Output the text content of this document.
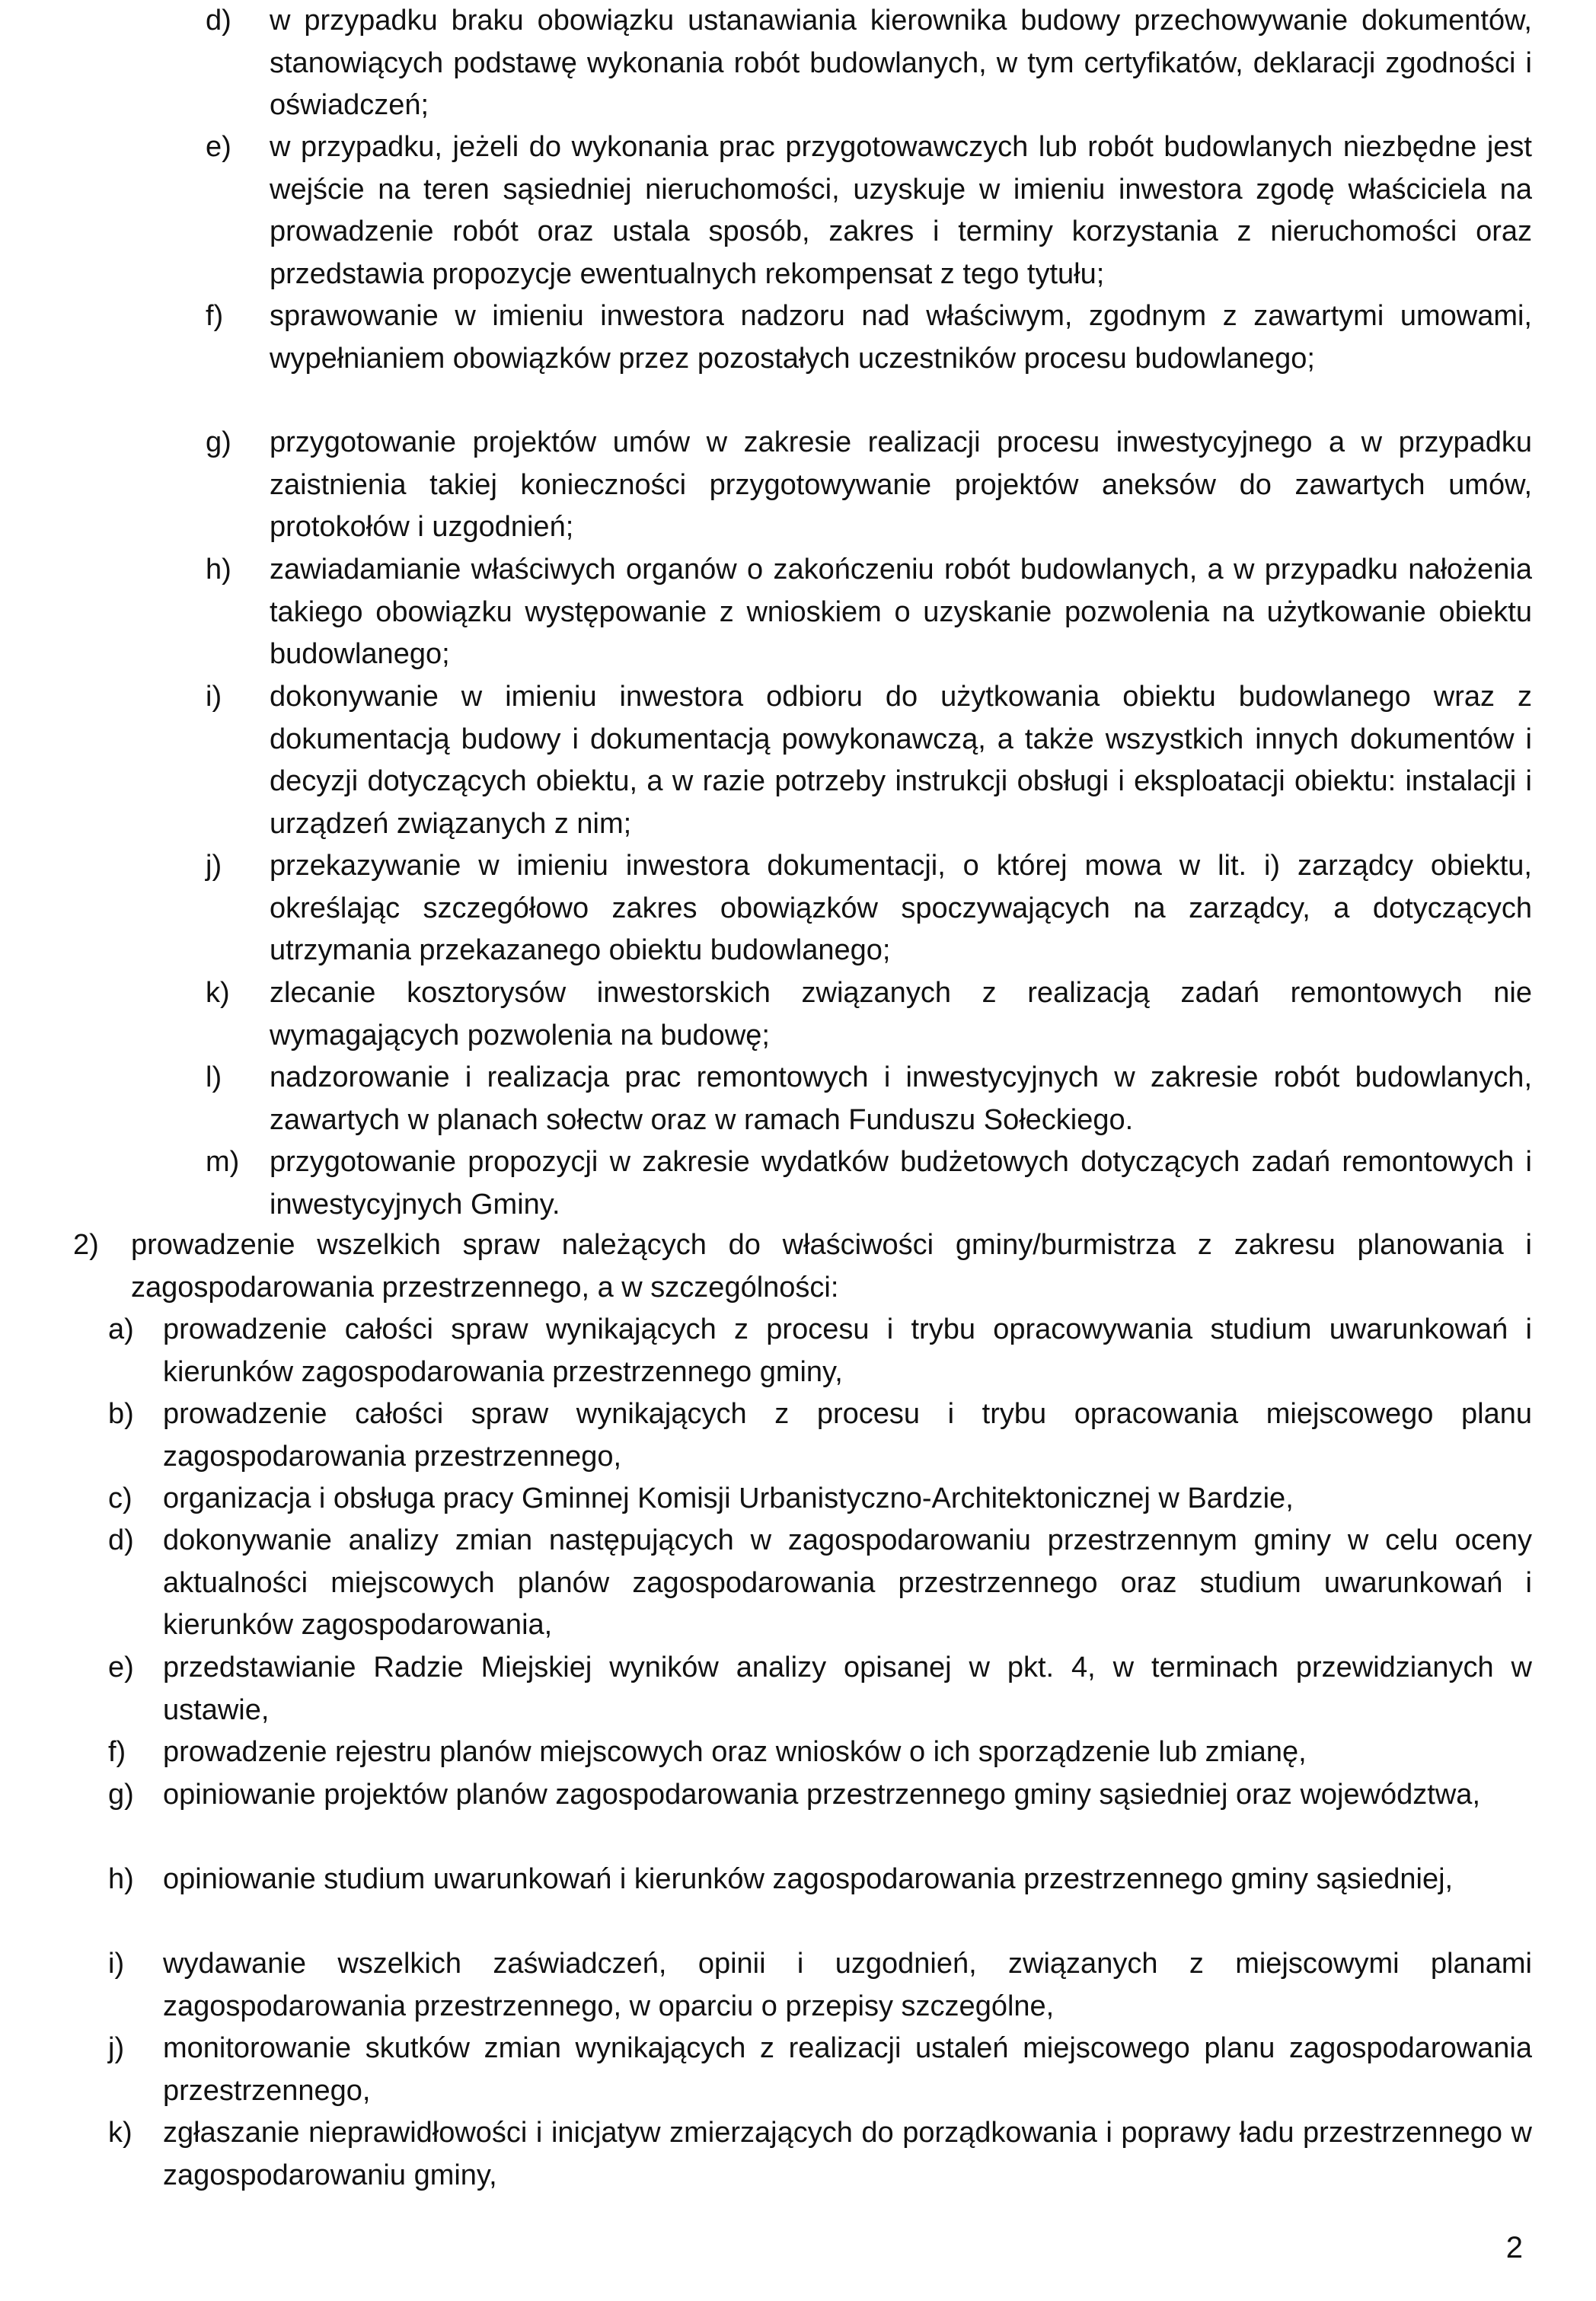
d) w przypadku braku obowiązku ustanawiania kierownika budowy przechowywanie dokumentów, stanowiących podstawę wykonania robót budowlanych, w tym certyfikatów, deklaracji zgodności i oświadczeń;
e) w przypadku, jeżeli do wykonania prac przygotowawczych lub robót budowlanych niezbędne jest wejście na teren sąsiedniej nieruchomości, uzyskuje w imieniu inwestora zgodę właściciela na prowadzenie robót oraz ustala sposób, zakres i terminy korzystania z nieruchomości oraz przedstawia propozycje ewentualnych rekompensat z tego tytułu;
f) sprawowanie w imieniu inwestora nadzoru nad właściwym, zgodnym z zawartymi umowami, wypełnianiem obowiązków przez pozostałych uczestników procesu budowlanego;
g) przygotowanie projektów umów w zakresie realizacji procesu inwestycyjnego a w przypadku zaistnienia takiej konieczności przygotowywanie projektów aneksów do zawartych umów, protokołów i uzgodnień;
h) zawiadamianie właściwych organów o zakończeniu robót budowlanych, a w przypadku nałożenia takiego obowiązku występowanie z wnioskiem o uzyskanie pozwolenia na użytkowanie obiektu budowlanego;
i) dokonywanie w imieniu inwestora odbioru do użytkowania obiektu budowlanego wraz z dokumentacją budowy i dokumentacją powykonawczą, a także wszystkich innych dokumentów i decyzji dotyczących obiektu, a w razie potrzeby instrukcji obsługi i eksploatacji obiektu: instalacji i urządzeń związanych z nim;
j) przekazywanie w imieniu inwestora dokumentacji, o której mowa w lit. i) zarządcy obiektu, określając szczegółowo zakres obowiązków spoczywających na zarządcy, a dotyczących utrzymania przekazanego obiektu budowlanego;
k) zlecanie kosztorysów inwestorskich związanych z realizacją zadań remontowych nie wymagających pozwolenia na budowę;
l) nadzorowanie i realizacja prac remontowych i inwestycyjnych w zakresie robót budowlanych, zawartych w planach sołectw oraz w ramach Funduszu Sołeckiego.
m) przygotowanie propozycji w zakresie wydatków budżetowych dotyczących zadań remontowych i inwestycyjnych Gminy.
2) prowadzenie wszelkich spraw należących do właściwości gminy/burmistrza z zakresu planowania i zagospodarowania przestrzennego, a w szczególności:
a) prowadzenie całości spraw wynikających z procesu i trybu opracowywania studium uwarunkowań i kierunków zagospodarowania przestrzennego gminy,
b) prowadzenie całości spraw wynikających z procesu i trybu opracowania miejscowego planu zagospodarowania przestrzennego,
c) organizacja i obsługa pracy Gminnej Komisji Urbanistyczno-Architektonicznej w Bardzie,
d) dokonywanie analizy zmian następujących w zagospodarowaniu przestrzennym gminy w celu oceny aktualności miejscowych planów zagospodarowania przestrzennego oraz studium uwarunkowań i kierunków zagospodarowania,
e) przedstawianie Radzie Miejskiej wyników analizy opisanej w pkt. 4, w terminach przewidzianych w ustawie,
f) prowadzenie rejestru planów miejscowych oraz wniosków o ich sporządzenie lub zmianę,
g) opiniowanie projektów planów zagospodarowania przestrzennego gminy sąsiedniej oraz województwa,
h) opiniowanie studium uwarunkowań i kierunków zagospodarowania przestrzennego gminy sąsiedniej,
i) wydawanie wszelkich zaświadczeń, opinii i uzgodnień, związanych z miejscowymi planami zagospodarowania przestrzennego, w oparciu o przepisy szczególne,
j) monitorowanie skutków zmian wynikających z realizacji ustaleń miejscowego planu zagospodarowania przestrzennego,
k) zgłaszanie nieprawidłowości i inicjatyw zmierzających do porządkowania i poprawy ładu przestrzennego w zagospodarowaniu gminy,
2
